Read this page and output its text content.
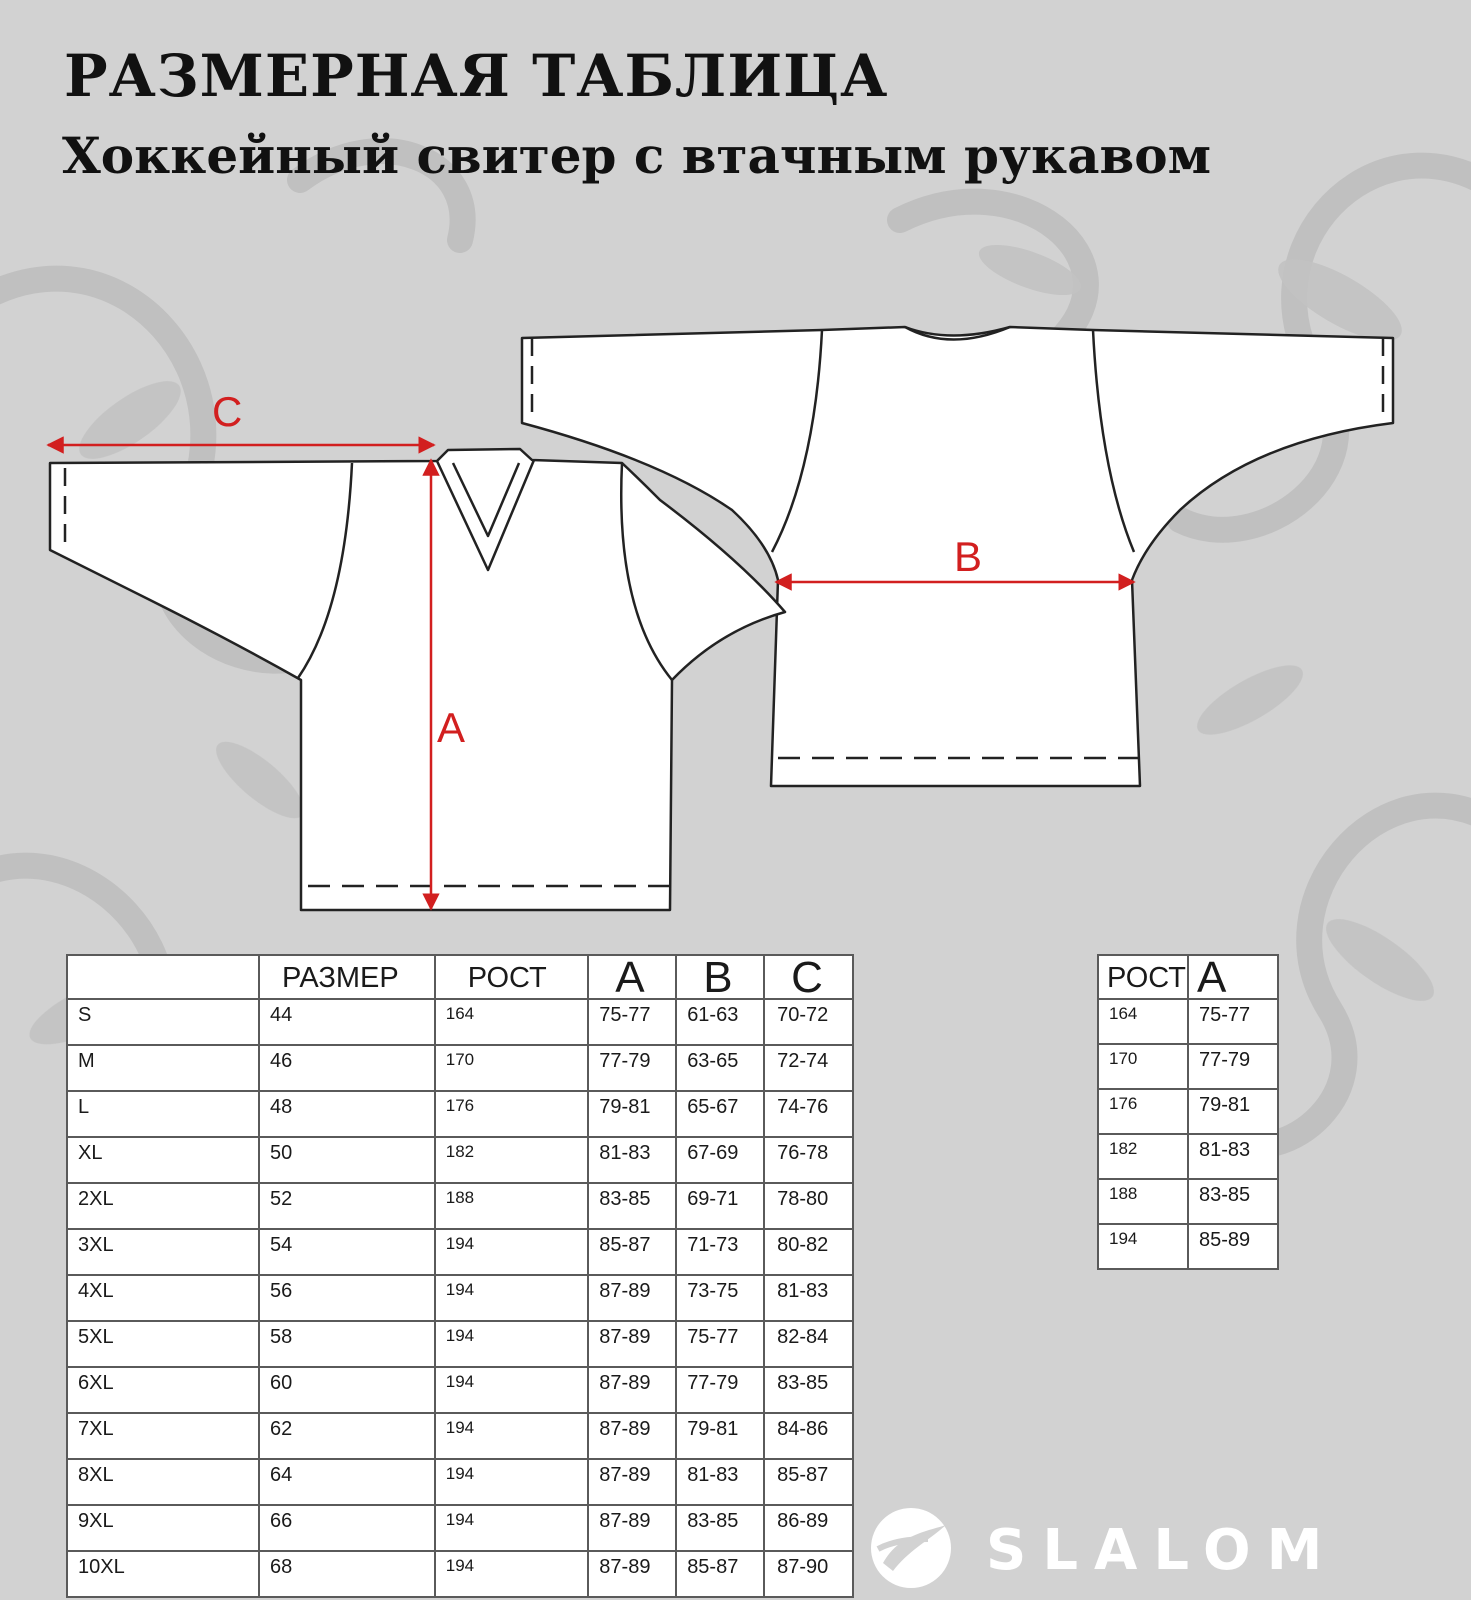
РАЗМЕРНАЯ ТАБЛИЦА
Хоккейный свитер с втачным рукавом
C
A
B
	РАЗМЕР	РОСТ	A	B	C
S	44	164	75-77	61-63	70-72
M	46	170	77-79	63-65	72-74
L	48	176	79-81	65-67	74-76
XL	50	182	81-83	67-69	76-78
2XL	52	188	83-85	69-71	78-80
3XL	54	194	85-87	71-73	80-82
4XL	56	194	87-89	73-75	81-83
5XL	58	194	87-89	75-77	82-84
6XL	60	194	87-89	77-79	83-85
7XL	62	194	87-89	79-81	84-86
8XL	64	194	87-89	81-83	85-87
9XL	66	194	87-89	83-85	86-89
10XL	68	194	87-89	85-87	87-90
РОСТ	A
164	75-77
170	77-79
176	79-81
182	81-83
188	83-85
194	85-89
SLALOM
